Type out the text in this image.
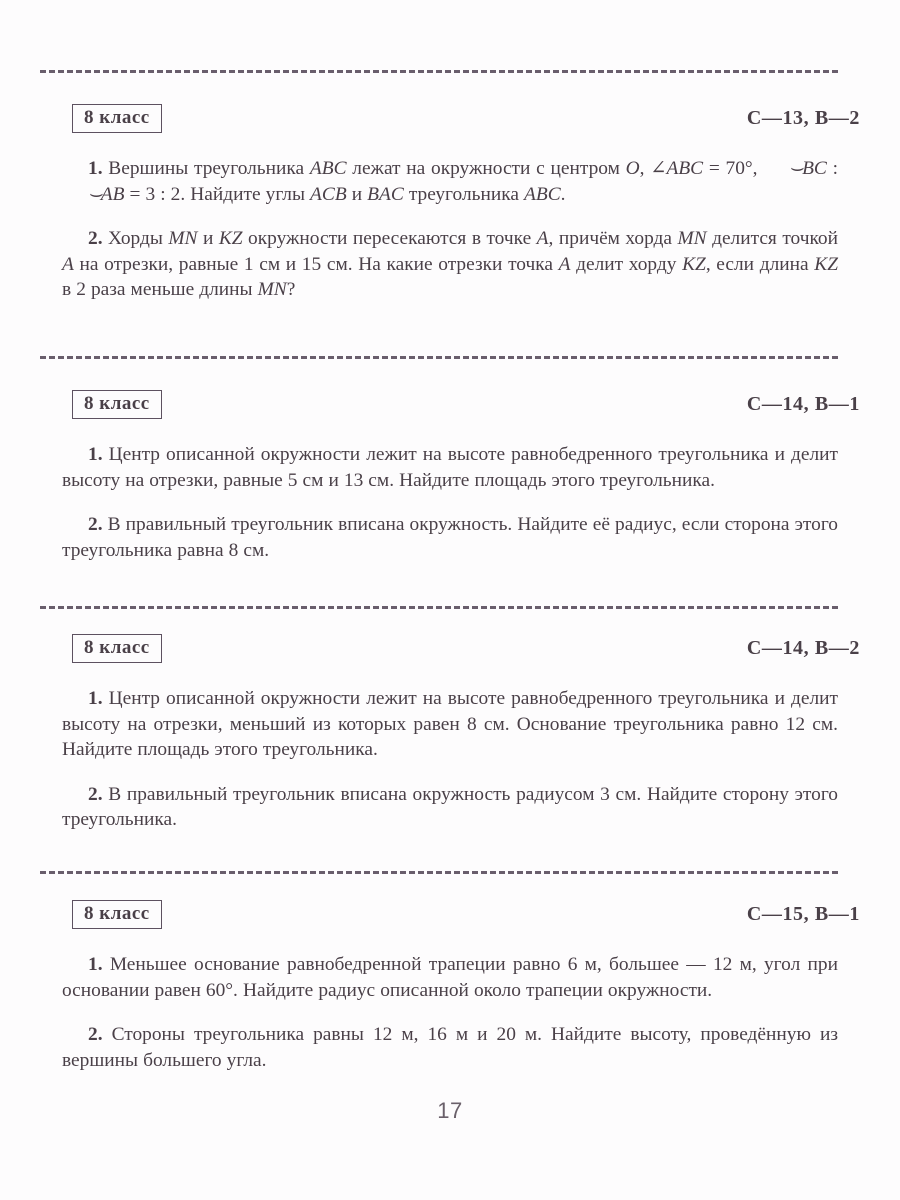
8 класс	С—13, В—2

1. Вершины треугольника ABC лежат на окружности с центром O, ∠ABC = 70°, ⌣BC : ⌣AB = 3 : 2. Найдите углы ACB и BAC треугольника ABC.

2. Хорды MN и KZ окружности пересекаются в точке A, причём хорда MN делится точкой A на отрезки, равные 1 см и 15 см. На какие отрезки точка A делит хорду KZ, если длина KZ в 2 раза меньше длины MN?

8 класс	С—14, В—1

1. Центр описанной окружности лежит на высоте равнобедренного треугольника и делит высоту на отрезки, равные 5 см и 13 см. Найдите площадь этого треугольника.

2. В правильный треугольник вписана окружность. Найдите её радиус, если сторона этого треугольника равна 8 см.

8 класс	С—14, В—2

1. Центр описанной окружности лежит на высоте равнобедренного треугольника и делит высоту на отрезки, меньший из которых равен 8 см. Основание треугольника равно 12 см. Найдите площадь этого треугольника.

2. В правильный треугольник вписана окружность радиусом 3 см. Найдите сторону этого треугольника.

8 класс	С—15, В—1

1. Меньшее основание равнобедренной трапеции равно 6 м, большее — 12 м, угол при основании равен 60°. Найдите радиус описанной около трапеции окружности.

2. Стороны треугольника равны 12 м, 16 м и 20 м. Найдите высоту, проведённую из вершины большего угла.

17
